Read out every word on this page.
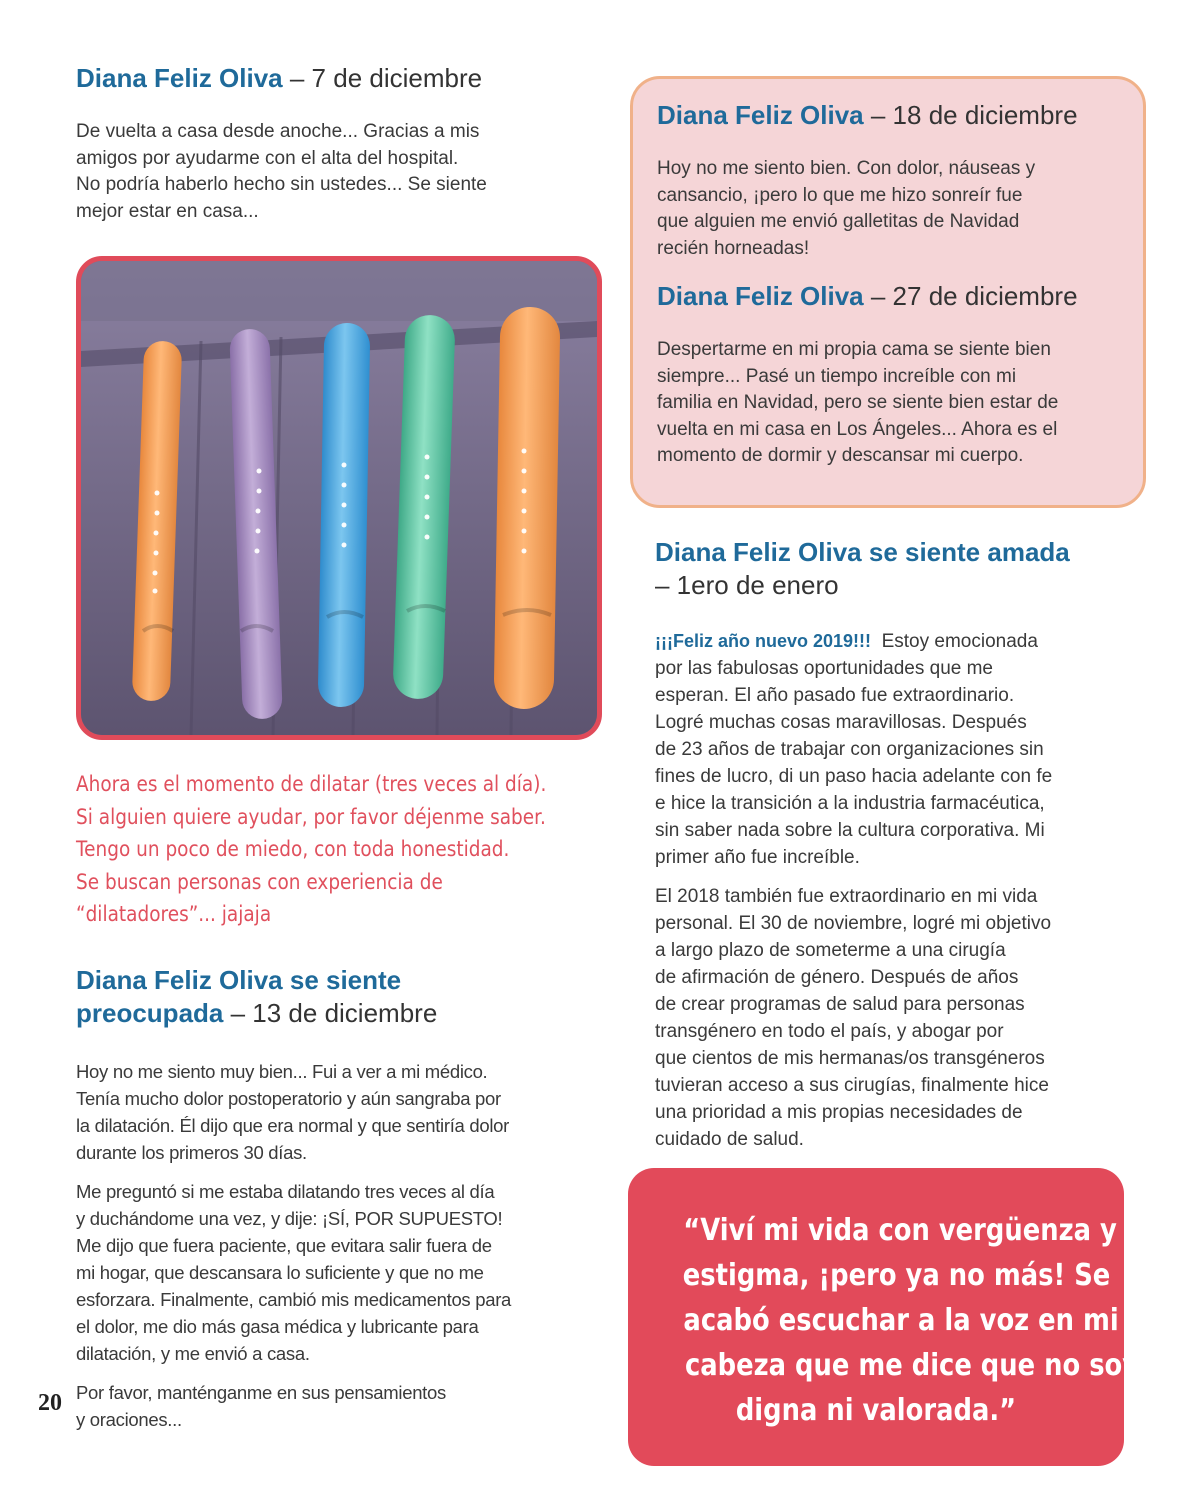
Diana Feliz Oliva – 7 de diciembre

De vuelta a casa desde anoche... Gracias a mis
amigos por ayudarme con el alta del hospital.
No podría haberlo hecho sin ustedes... Se siente
mejor estar en casa...

Ahora es el momento de dilatar (tres veces al día).
Si alguien quiere ayudar, por favor déjenme saber.
Tengo un poco de miedo, con toda honestidad.
Se buscan personas con experiencia de
“dilatadores”... jajaja
Diana Feliz Oliva se siente
preocupada – 13 de diciembre

Hoy no me siento muy bien... Fui a ver a mi médico.
Tenía mucho dolor postoperatorio y aún sangraba por
la dilatación. Él dijo que era normal y que sentiría dolor
durante los primeros 30 días.

Me preguntó si me estaba dilatando tres veces al día
y duchándome una vez, y dije: ¡SÍ, POR SUPUESTO!
Me dijo que fuera paciente, que evitara salir fuera de
mi hogar, que descansara lo suficiente y que no me
esforzara. Finalmente, cambió mis medicamentos para
el dolor, me dio más gasa médica y lubricante para
dilatación, y me envió a casa.

Por favor, manténganme en sus pensamientos
y oraciones...

20
Diana Feliz Oliva – 18 de diciembre

Hoy no me siento bien. Con dolor, náuseas y
cansancio, ¡pero lo que me hizo sonreír fue
que alguien me envió galletitas de Navidad
recién horneadas!

Diana Feliz Oliva – 27 de diciembre

Despertarme en mi propia cama se siente bien
siempre... Pasé un tiempo increíble con mi
familia en Navidad, pero se siente bien estar de
vuelta en mi casa en Los Ángeles... Ahora es el
momento de dormir y descansar mi cuerpo.

Diana Feliz Oliva se siente amada
– 1ero de enero

¡¡¡Feliz año nuevo 2019!!!  Estoy emocionada
por las fabulosas oportunidades que me
esperan. El año pasado fue extraordinario.
Logré muchas cosas maravillosas. Después
de 23 años de trabajar con organizaciones sin
fines de lucro, di un paso hacia adelante con fe
e hice la transición a la industria farmacéutica,
sin saber nada sobre la cultura corporativa. Mi
primer año fue increíble.

El 2018 también fue extraordinario en mi vida
personal. El 30 de noviembre, logré mi objetivo
a largo plazo de someterme a una cirugía
de afirmación de género. Después de años
de crear programas de salud para personas
transgénero en todo el país, y abogar por
que cientos de mis hermanas/os transgéneros
tuvieran acceso a sus cirugías, finalmente hice
una prioridad a mis propias necesidades de
cuidado de salud.

“Viví mi vida con vergüenza y
estigma, ¡pero ya no más! Se
acabó escuchar a la voz en mi
cabeza que me dice que no soy
digna ni valorada.”
